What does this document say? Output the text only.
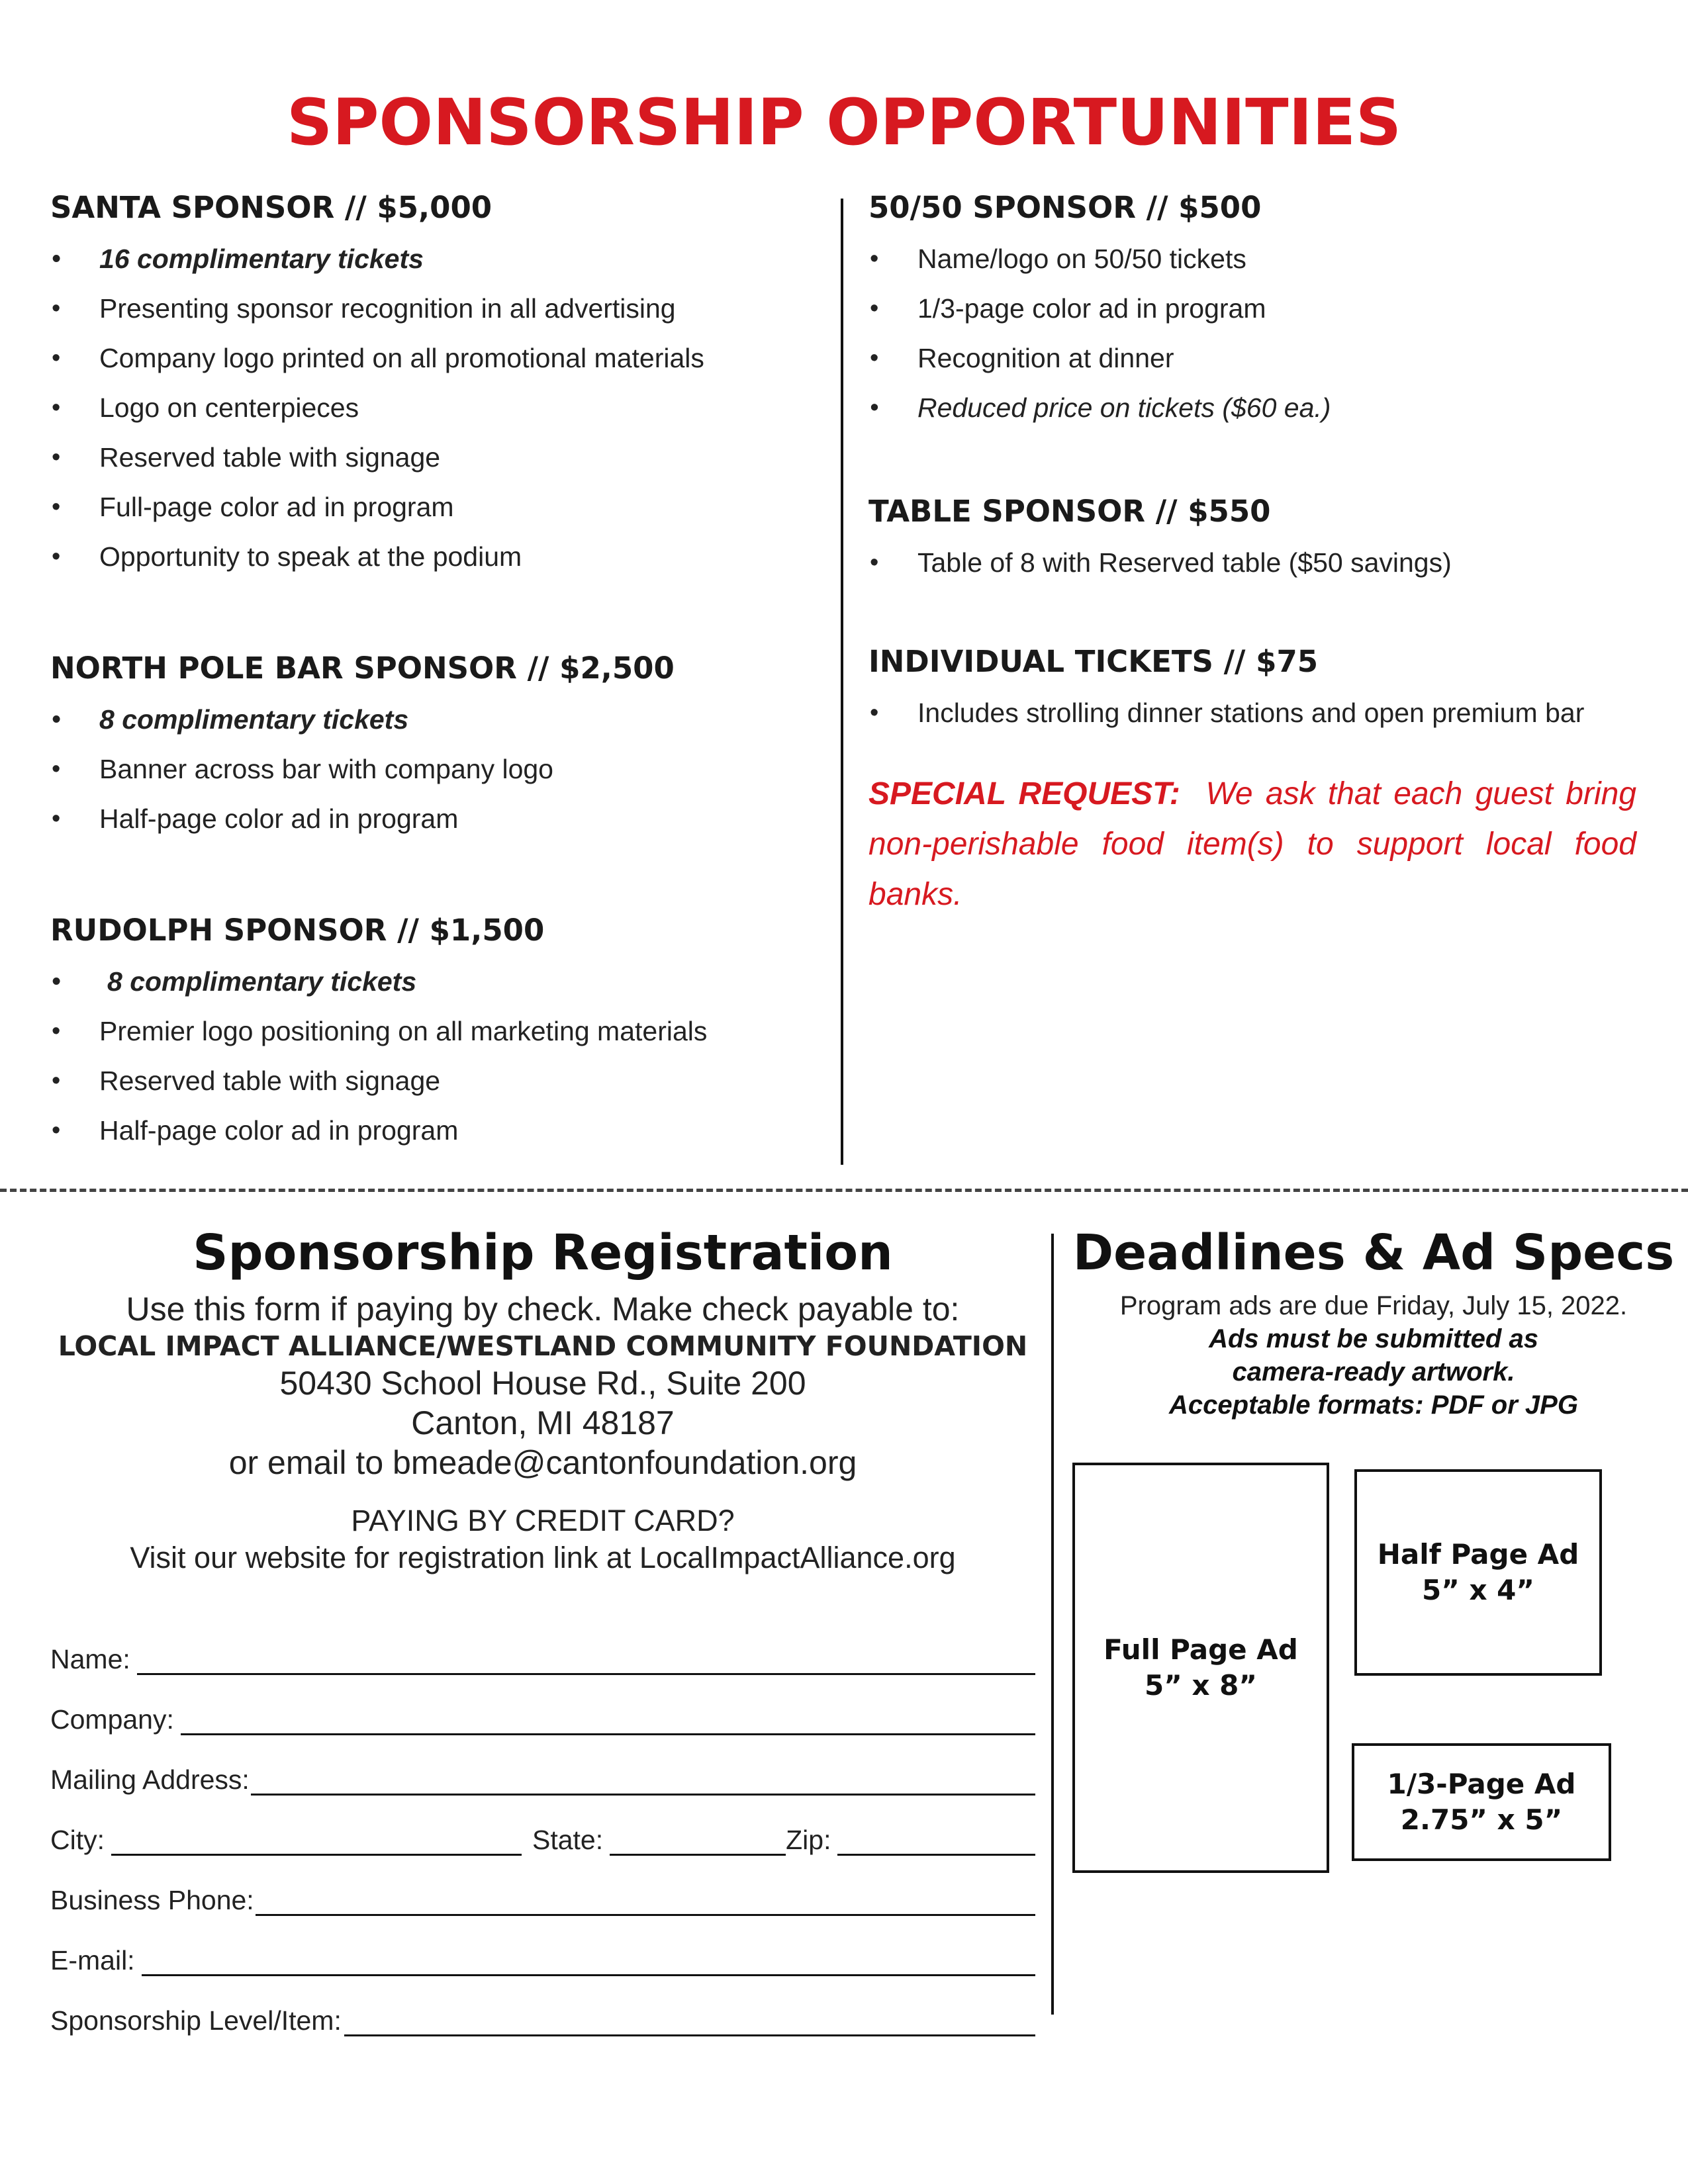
SPONSORSHIP OPPORTUNITIES
SANTA SPONSOR // $5,000
• 16 complimentary tickets
• Presenting sponsor recognition in all advertising
• Company logo printed on all promotional materials
• Logo on centerpieces
• Reserved table with signage
• Full-page color ad in program
• Opportunity to speak at the podium
NORTH POLE BAR SPONSOR // $2,500
• 8 complimentary tickets
• Banner across bar with company logo
• Half-page color ad in program
RUDOLPH SPONSOR // $1,500
• 8 complimentary tickets
• Premier logo positioning on all marketing materials
• Reserved table with signage
• Half-page color ad in program
50/50 SPONSOR // $500
• Name/logo on 50/50 tickets
• 1/3-page color ad in program
• Recognition at dinner
• Reduced price on tickets ($60 ea.)
TABLE SPONSOR // $550
• Table of 8 with Reserved table ($50 savings)
INDIVIDUAL TICKETS // $75
• Includes strolling dinner stations and open premium bar
SPECIAL REQUEST: We ask that each guest bring non-perishable food item(s) to support local food banks.
Sponsorship Registration
Use this form if paying by check. Make check payable to:
LOCAL IMPACT ALLIANCE/WESTLAND COMMUNITY FOUNDATION
50430 School House Rd., Suite 200
Canton, MI 48187
or email to bmeade@cantonfoundation.org
PAYING BY CREDIT CARD?
Visit our website for registration link at LocalImpactAlliance.org
Name:
Company:
Mailing Address:
City:	State:	Zip:
Business Phone:
E-mail:
Sponsorship Level/Item:
Deadlines & Ad Specs
Program ads are due Friday, July 15, 2022.
Ads must be submitted as
camera-ready artwork.
Acceptable formats: PDF or JPG
Full Page Ad
5” x 8”
Half Page Ad
5” x 4”
1/3-Page Ad
2.75” x 5”
